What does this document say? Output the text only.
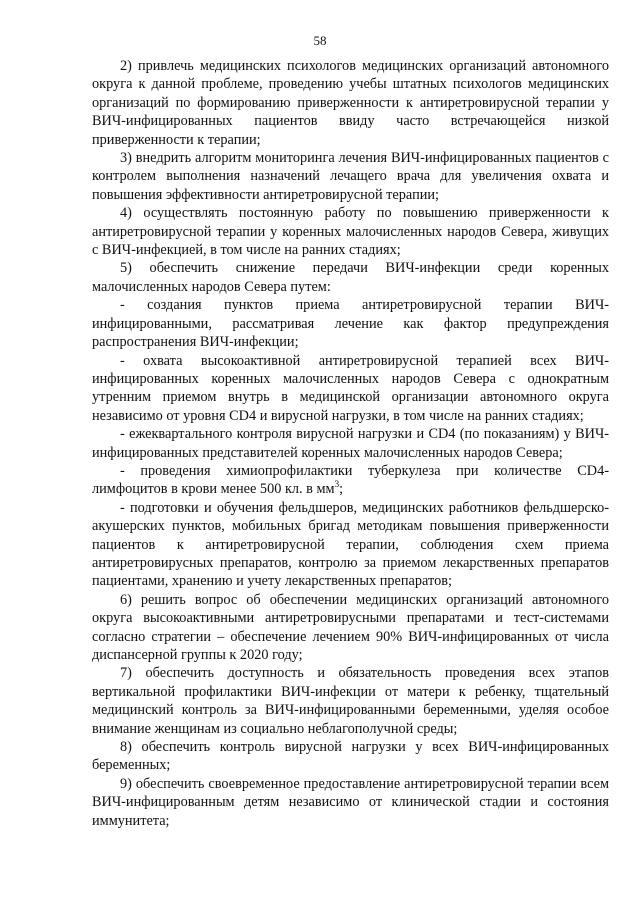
58

2) привлечь медицинских психологов медицинских организаций автономного округа к данной проблеме, проведению учебы штатных психологов медицинских организаций по формированию приверженности к антиретровирусной терапии у ВИЧ-инфицированных пациентов ввиду часто встречающейся низкой приверженности к терапии;

3) внедрить алгоритм мониторинга лечения ВИЧ-инфицированных пациентов с контролем выполнения назначений лечащего врача для увеличения охвата и повышения эффективности антиретровирусной терапии;

4) осуществлять постоянную работу по повышению приверженности к антиретровирусной терапии у коренных малочисленных народов Севера, живущих с ВИЧ-инфекцией, в том числе на ранних стадиях;

5) обеспечить снижение передачи ВИЧ-инфекции среди коренных малочисленных народов Севера путем:

- создания пунктов приема антиретровирусной терапии ВИЧ-инфицированными, рассматривая лечение как фактор предупреждения распространения ВИЧ-инфекции;

- охвата высокоактивной антиретровирусной терапией всех ВИЧ-инфицированных коренных малочисленных народов Севера с однократным утренним приемом внутрь в медицинской организации автономного округа независимо от уровня CD4 и вирусной нагрузки, в том числе на ранних стадиях;

- ежеквартального контроля вирусной нагрузки и CD4 (по показаниям) у ВИЧ-инфицированных представителей коренных малочисленных народов Севера;

- проведения химиопрофилактики туберкулеза при количестве CD4-лимфоцитов в крови менее 500 кл. в $мм^3$;

- подготовки и обучения фельдшеров, медицинских работников фельдшерско-акушерских пунктов, мобильных бригад методикам повышения приверженности пациентов к антиретровирусной терапии, соблюдения схем приема антиретровирусных препаратов, контролю за приемом лекарственных препаратов пациентами, хранению и учету лекарственных препаратов;

6) решить вопрос об обеспечении медицинских организаций автономного округа высокоактивными антиретровирусными препаратами и тест-системами согласно стратегии – обеспечение лечением 90% ВИЧ-инфицированных от числа диспансерной группы к 2020 году;

7) обеспечить доступность и обязательность проведения всех этапов вертикальной профилактики ВИЧ-инфекции от матери к ребенку, тщательный медицинский контроль за ВИЧ-инфицированными беременными, уделяя особое внимание женщинам из социально неблагополучной среды;

8) обеспечить контроль вирусной нагрузки у всех ВИЧ-инфицированных беременных;

9) обеспечить своевременное предоставление антиретровирусной терапии всем ВИЧ-инфицированным детям независимо от клинической стадии и состояния иммунитета;
